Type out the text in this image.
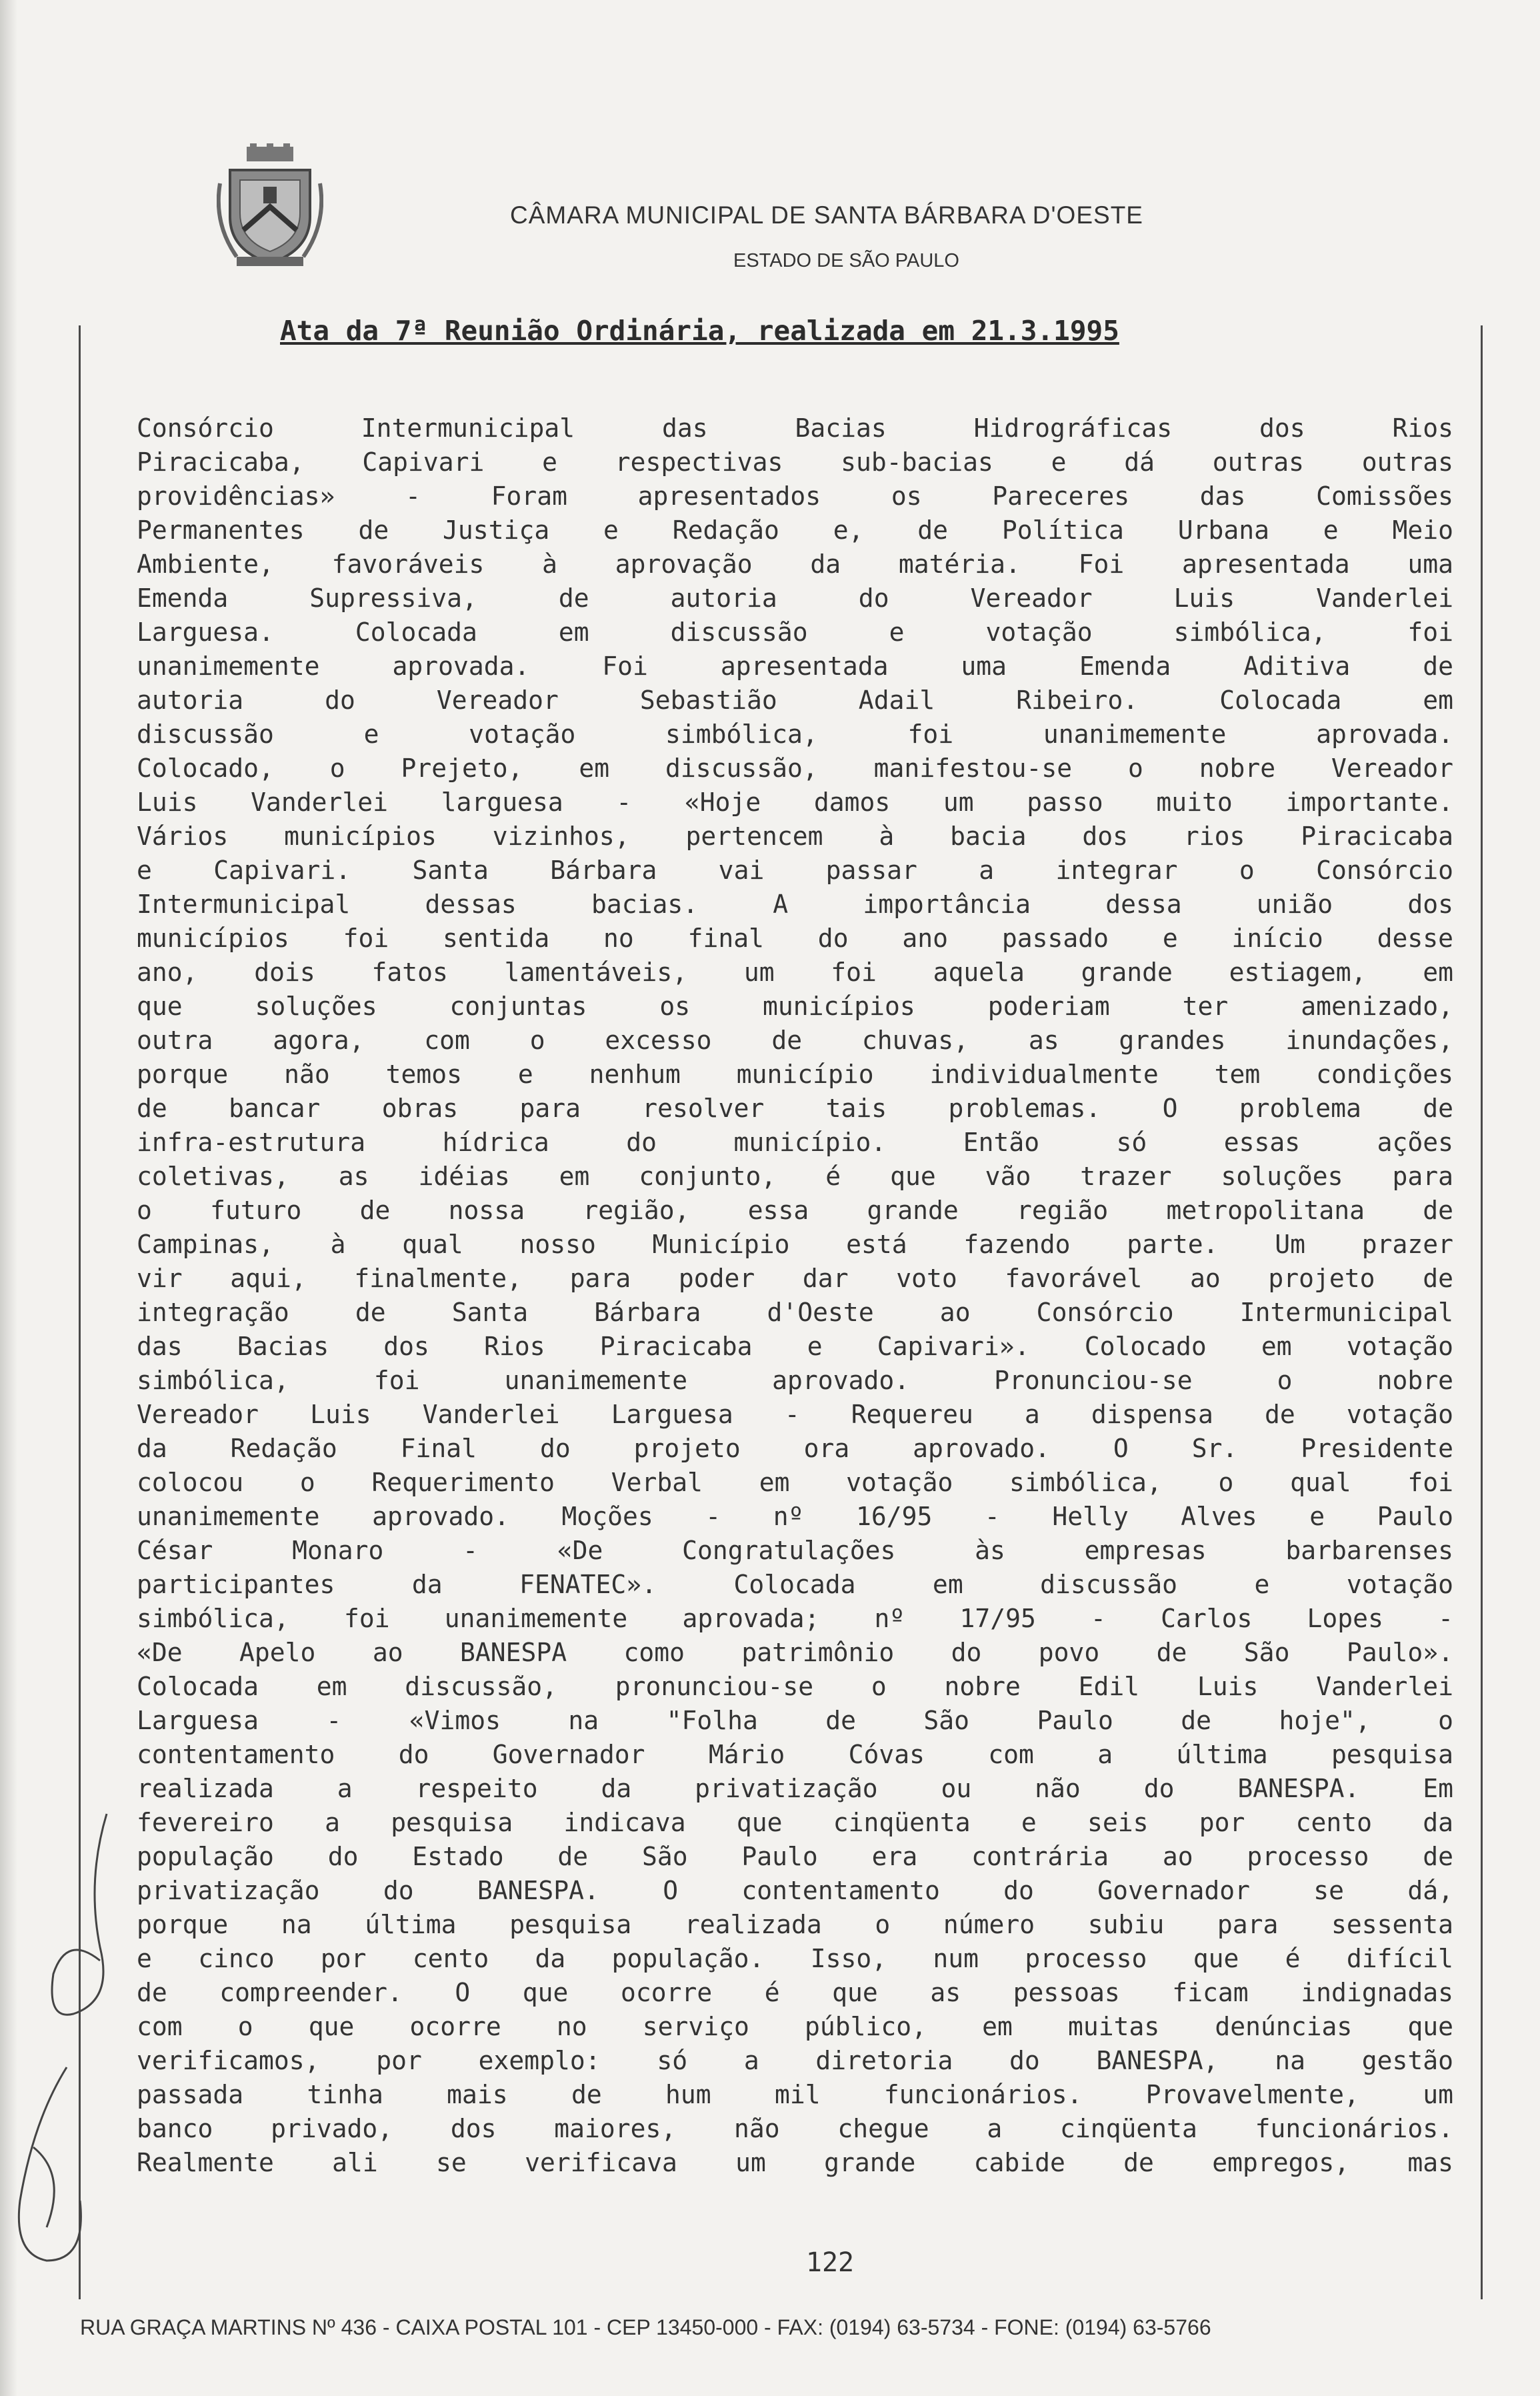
CÂMARA MUNICIPAL DE SANTA BÁRBARA D'OESTE
ESTADO DE SÃO PAULO
Ata da 7ª Reunião Ordinária, realizada em 21.3.1995
Consórcio Intermunicipal das Bacias Hidrográficas dos Rios
Piracicaba, Capivari e respectivas sub-bacias e dá outras outras
providências» - Foram apresentados os Pareceres das Comissões
Permanentes de Justiça e Redação e, de Política Urbana e Meio
Ambiente, favoráveis à aprovação da matéria. Foi apresentada uma
Emenda Supressiva, de autoria do Vereador Luis Vanderlei
Larguesa. Colocada em discussão e votação simbólica, foi
unanimemente aprovada. Foi apresentada uma Emenda Aditiva de
autoria do Vereador Sebastião Adail Ribeiro. Colocada em
discussão e votação simbólica, foi unanimemente aprovada.
Colocado, o Prejeto, em discussão, manifestou-se o nobre Vereador
Luis Vanderlei larguesa - «Hoje damos um passo muito importante.
Vários municípios vizinhos, pertencem à bacia dos rios Piracicaba
e Capivari. Santa Bárbara vai passar a integrar o Consórcio
Intermunicipal dessas bacias. A importância dessa união dos
municípios foi sentida no final do ano passado e início desse
ano, dois fatos lamentáveis, um foi aquela grande estiagem, em
que soluções conjuntas os municípios poderiam ter amenizado,
outra agora, com o excesso de chuvas, as grandes inundações,
porque não temos e nenhum município individualmente tem condições
de bancar obras para resolver tais problemas. O problema de
infra-estrutura hídrica do município. Então só essas ações
coletivas, as idéias em conjunto, é que vão trazer soluções para
o futuro de nossa região, essa grande região metropolitana de
Campinas, à qual nosso Município está fazendo parte. Um prazer
vir aqui, finalmente, para poder dar voto favorável ao projeto de
integração de Santa Bárbara d'Oeste ao Consórcio Intermunicipal
das Bacias dos Rios Piracicaba e Capivari». Colocado em votação
simbólica, foi unanimemente aprovado. Pronunciou-se o nobre
Vereador Luis Vanderlei Larguesa - Requereu a dispensa de votação
da Redação Final do projeto ora aprovado. O Sr. Presidente
colocou o Requerimento Verbal em votação simbólica, o qual foi
unanimemente aprovado. Moções - nº 16/95 - Helly Alves e Paulo
César Monaro - «De Congratulações às empresas barbarenses
participantes da FENATEC». Colocada em discussão e votação
simbólica, foi unanimemente aprovada; nº 17/95 - Carlos Lopes -
«De Apelo ao BANESPA como patrimônio do povo de São Paulo».
Colocada em discussão, pronunciou-se o nobre Edil Luis Vanderlei
Larguesa - «Vimos na "Folha de São Paulo de hoje", o
contentamento do Governador Mário Cóvas com a última pesquisa
realizada a respeito da privatização ou não do BANESPA. Em
fevereiro a pesquisa indicava que cinqüenta e seis por cento da
população do Estado de São Paulo era contrária ao processo de
privatização do BANESPA. O contentamento do Governador se dá,
porque na última pesquisa realizada o número subiu para sessenta
e cinco por cento da população. Isso, num processo que é difícil
de compreender. O que ocorre é que as pessoas ficam indignadas
com o que ocorre no serviço público, em muitas denúncias que
verificamos, por exemplo: só a diretoria do BANESPA, na gestão
passada tinha mais de hum mil funcionários. Provavelmente, um
banco privado, dos maiores, não chegue a cinqüenta funcionários.
Realmente ali se verificava um grande cabide de empregos, mas
122
RUA GRAÇA MARTINS Nº 436 - CAIXA POSTAL 101 - CEP 13450-000 - FAX: (0194) 63-5734 - FONE: (0194) 63-5766
